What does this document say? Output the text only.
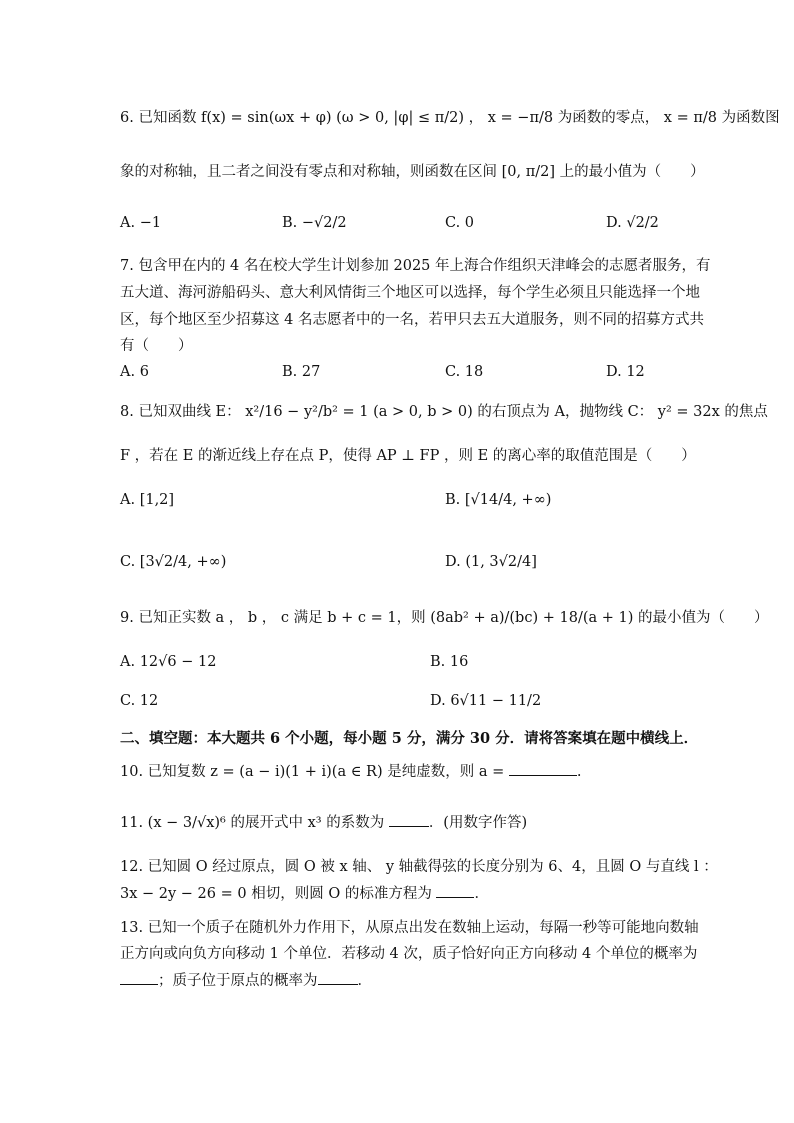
6. 已知函数 f(x) = sin(ωx + φ) (ω > 0, |φ| ≤ π/2) ， x = −π/8 为函数的零点， x = π/8 为函数图
象的对称轴，且二者之间没有零点和对称轴，则函数在区间 [0, π/2] 上的最小值为（　　）
A. −1	B. −√2/2	C. 0	D. √2/2
7. 包含甲在内的 4 名在校大学生计划参加 2025 年上海合作组织天津峰会的志愿者服务，有
五大道、海河游船码头、意大利风情街三个地区可以选择，每个学生必须且只能选择一个地
区，每个地区至少招募这 4 名志愿者中的一名，若甲只去五大道服务，则不同的招募方式共
有（　　）
A. 6	B. 27	C. 18	D. 12
8. 已知双曲线 E： x²/16 − y²/b² = 1 (a > 0, b > 0) 的右顶点为 A，抛物线 C： y² = 32x 的焦点
F ，若在 E 的渐近线上存在点 P，使得 AP ⊥ FP ，则 E 的离心率的取值范围是（　　）
A. [1,2]	B. [√14/4, +∞)
C. [3√2/4, +∞)	D. (1, 3√2/4]
9. 已知正实数 a ， b ， c 满足 b + c = 1，则 (8ab² + a)/(bc) + 18/(a + 1) 的最小值为（　　）
A. 12√6 − 12	B. 16
C. 12	D. 6√11 − 11/2
二、填空题：本大题共 6 个小题，每小题 5 分，满分 30 分．请将答案填在题中横线上．
10. 已知复数 z = (a − i)(1 + i)(a ∈ R) 是纯虚数，则 a =	.
11. (x − 3/√x)⁶ 的展开式中 x³ 的系数为	．(用数字作答)
12. 已知圆 O 经过原点，圆 O 被 x 轴、 y 轴截得弦的长度分别为 6、4，且圆 O 与直线 l ：
3x − 2y − 26 = 0 相切，则圆 O 的标准方程为	．
13. 已知一个质子在随机外力作用下，从原点出发在数轴上运动，每隔一秒等可能地向数轴
正方向或向负方向移动 1 个单位．若移动 4 次，质子恰好向正方向移动 4 个单位的概率为
；质子位于原点的概率为	．
